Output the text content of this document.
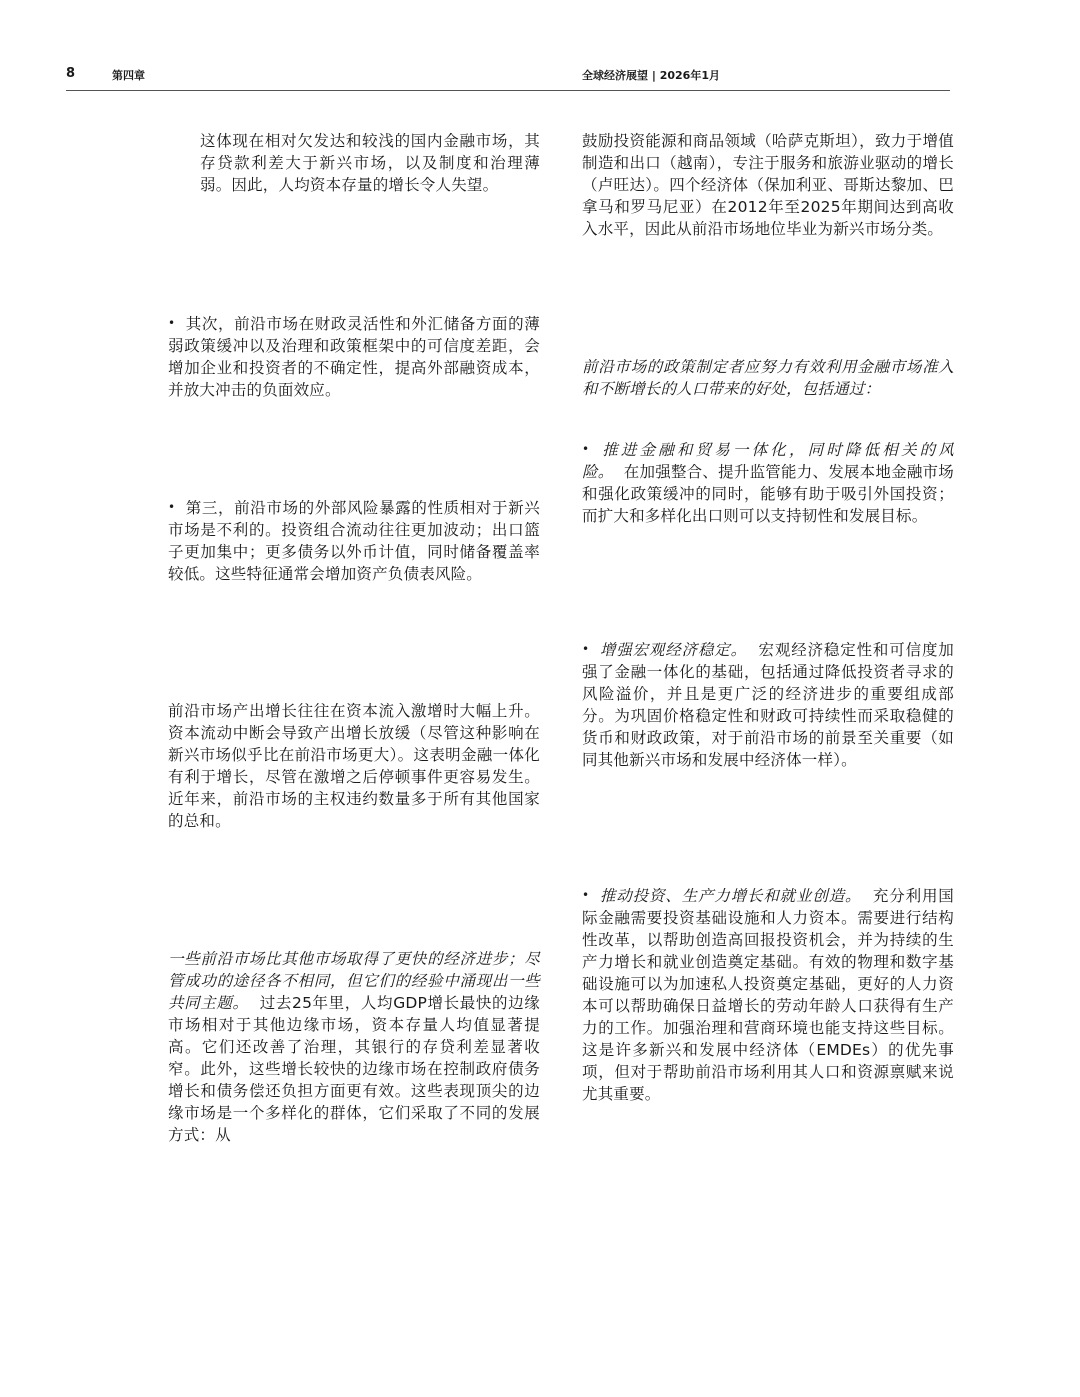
8	第四章	全球经济展望 | 2026年1月

这体现在相对欠发达和较浅的国内金融市场，其存贷款利差大于新兴市场，以及制度和治理薄弱。因此，人均资本存量的增长令人失望。

• 其次，前沿市场在财政灵活性和外汇储备方面的薄弱政策缓冲以及治理和政策框架中的可信度差距，会增加企业和投资者的不确定性，提高外部融资成本，并放大冲击的负面效应。

• 第三，前沿市场的外部风险暴露的性质相对于新兴市场是不利的。投资组合流动往往更加波动；出口篮子更加集中；更多债务以外币计值，同时储备覆盖率较低。这些特征通常会增加资产负债表风险。

前沿市场产出增长往往在资本流入激增时大幅上升。资本流动中断会导致产出增长放缓（尽管这种影响在新兴市场似乎比在前沿市场更大）。这表明金融一体化有利于增长，尽管在激增之后停顿事件更容易发生。近年来，前沿市场的主权违约数量多于所有其他国家的总和。

一些前沿市场比其他市场取得了更快的经济进步；尽管成功的途径各不相同，但它们的经验中涌现出一些共同主题。 过去25年里，人均GDP增长最快的边缘市场相对于其他边缘市场，资本存量人均值显著提高。它们还改善了治理，其银行的存贷利差显著收窄。此外，这些增长较快的边缘市场在控制政府债务增长和债务偿还负担方面更有效。这些表现顶尖的边缘市场是一个多样化的群体，它们采取了不同的发展方式：从

鼓励投资能源和商品领域（哈萨克斯坦），致力于增值制造和出口（越南），专注于服务和旅游业驱动的增长（卢旺达）。四个经济体（保加利亚、哥斯达黎加、巴拿马和罗马尼亚）在2012年至2025年期间达到高收入水平，因此从前沿市场地位毕业为新兴市场分类。

前沿市场的政策制定者应努力有效利用金融市场准入和不断增长的人口带来的好处，包括通过：

• 推进金融和贸易一体化，同时降低相关的风险。 在加强整合、提升监管能力、发展本地金融市场和强化政策缓冲的同时，能够有助于吸引外国投资；而扩大和多样化出口则可以支持韧性和发展目标。

• 增强宏观经济稳定。 宏观经济稳定性和可信度加强了金融一体化的基础，包括通过降低投资者寻求的风险溢价，并且是更广泛的经济进步的重要组成部分。为巩固价格稳定性和财政可持续性而采取稳健的货币和财政政策，对于前沿市场的前景至关重要（如同其他新兴市场和发展中经济体一样）。

• 推动投资、生产力增长和就业创造。 充分利用国际金融需要投资基础设施和人力资本。需要进行结构性改革，以帮助创造高回报投资机会，并为持续的生产力增长和就业创造奠定基础。有效的物理和数字基础设施可以为加速私人投资奠定基础，更好的人力资本可以帮助确保日益增长的劳动年龄人口获得有生产力的工作。加强治理和营商环境也能支持这些目标。这是许多新兴和发展中经济体（EMDEs）的优先事项，但对于帮助前沿市场利用其人口和资源禀赋来说尤其重要。
